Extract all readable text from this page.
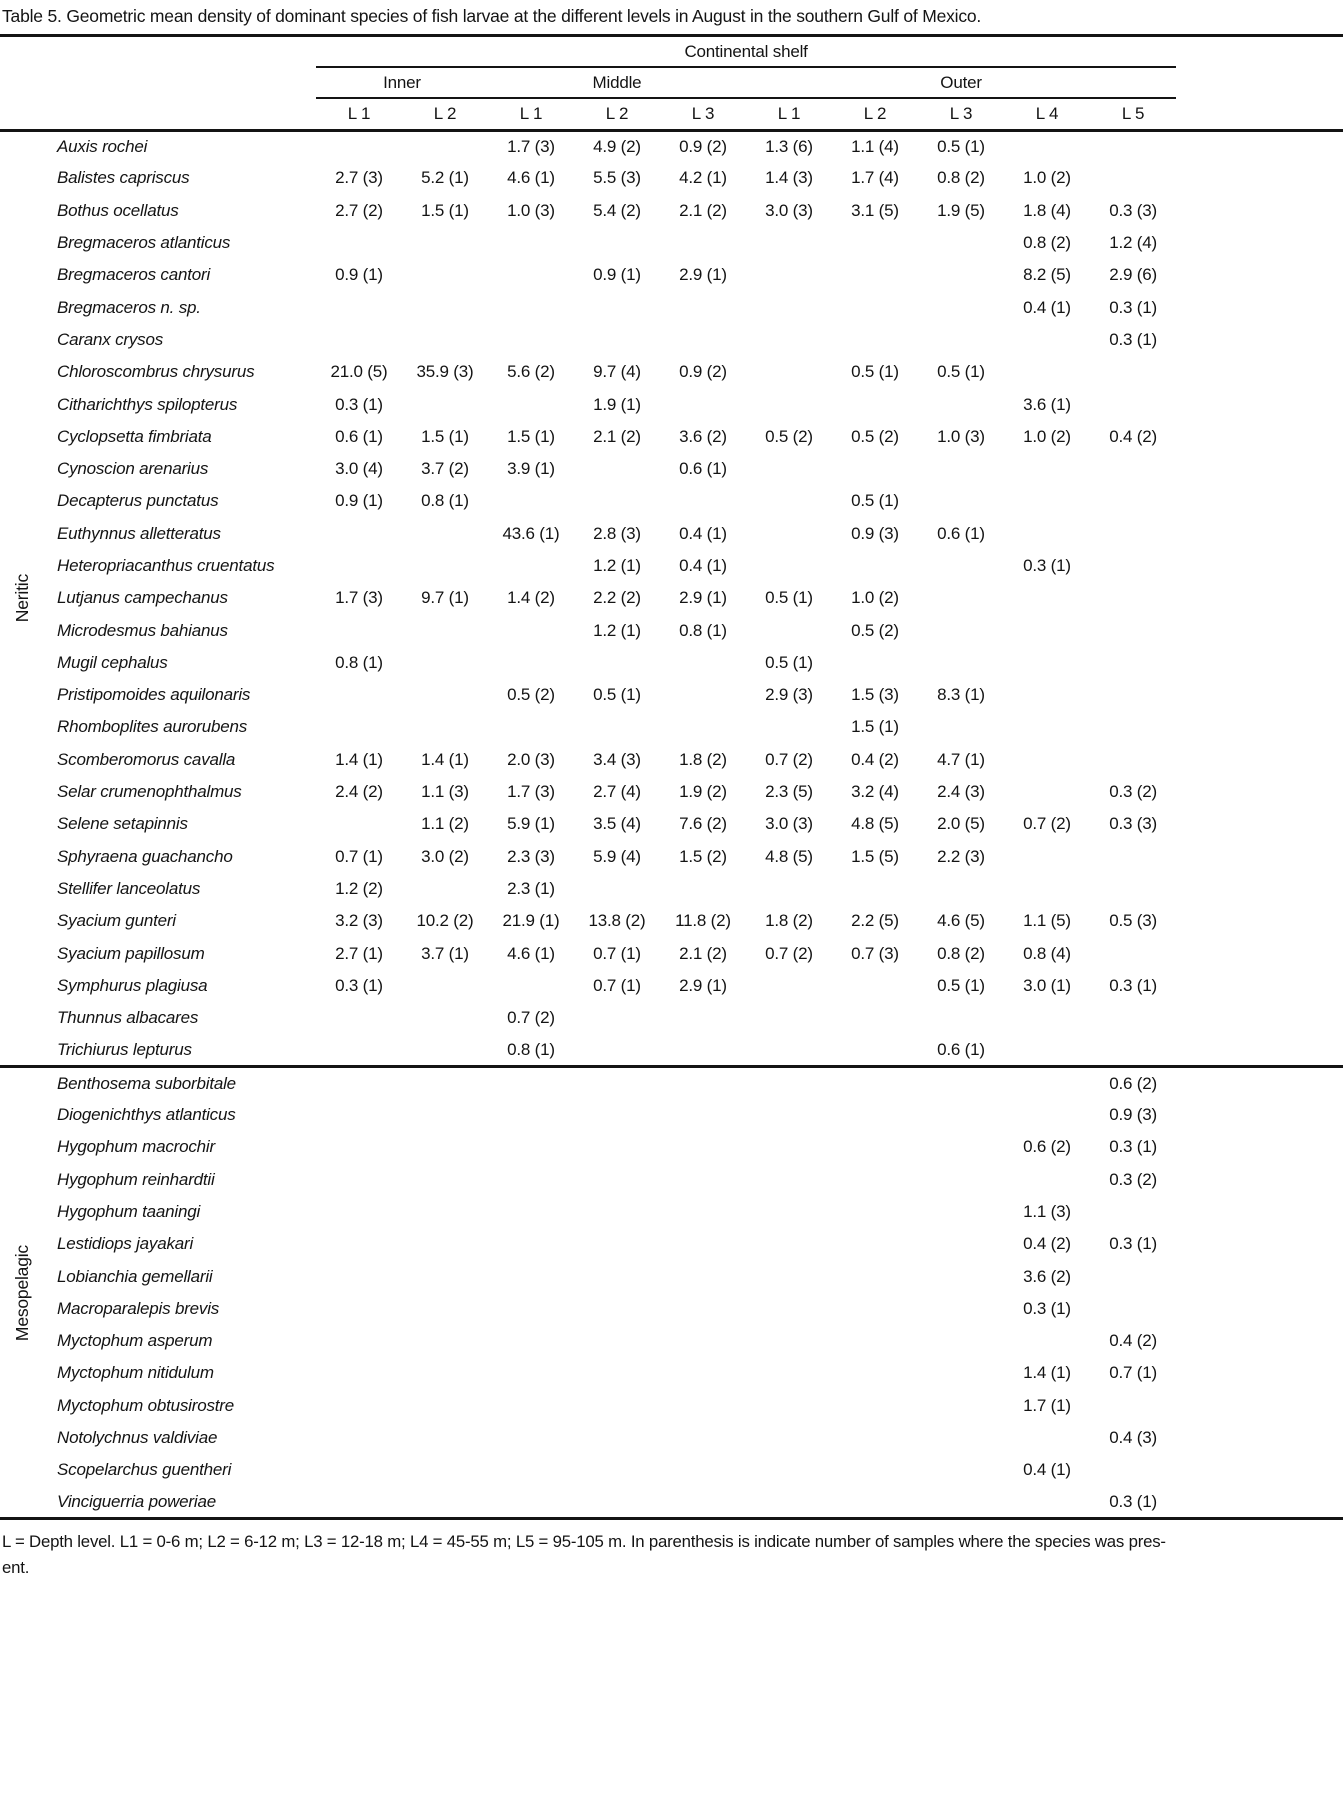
Table 5. Geometric mean density of dominant species of fish larvae at the different levels in August in the southern Gulf of Mexico.
		Continental shelf										
		Inner		Middle			Outer					
		L 1	L 2	L 1	L 2	L 3	L 1	L 2	L 3	L 4	L 5	

Neritic	Auxis rochei			1.7 (3)	4.9 (2)	0.9 (2)	1.3 (6)	1.1 (4)	0.5 (1)			
	Balistes capriscus	2.7 (3)	5.2 (1)	4.6 (1)	5.5 (3)	4.2 (1)	1.4 (3)	1.7 (4)	0.8 (2)	1.0 (2)		
	Bothus ocellatus	2.7 (2)	1.5 (1)	1.0 (3)	5.4 (2)	2.1 (2)	3.0 (3)	3.1 (5)	1.9 (5)	1.8 (4)	0.3 (3)	
	Bregmaceros atlanticus									0.8 (2)	1.2 (4)	
	Bregmaceros cantori	0.9 (1)			0.9 (1)	2.9 (1)				8.2 (5)	2.9 (6)	
	Bregmaceros n. sp.									0.4 (1)	0.3 (1)	
	Caranx crysos										0.3 (1)	
	Chloroscombrus chrysurus	21.0 (5)	35.9 (3)	5.6 (2)	9.7 (4)	0.9 (2)		0.5 (1)	0.5 (1)			
	Citharichthys spilopterus	0.3 (1)			1.9 (1)					3.6 (1)		
	Cyclopsetta fimbriata	0.6 (1)	1.5 (1)	1.5 (1)	2.1 (2)	3.6 (2)	0.5 (2)	0.5 (2)	1.0 (3)	1.0 (2)	0.4 (2)	
	Cynoscion arenarius	3.0 (4)	3.7 (2)	3.9 (1)		0.6 (1)						
	Decapterus punctatus	0.9 (1)	0.8 (1)					0.5 (1)				
	Euthynnus alletteratus			43.6 (1)	2.8 (3)	0.4 (1)		0.9 (3)	0.6 (1)			
	Heteropriacanthus cruentatus				1.2 (1)	0.4 (1)				0.3 (1)		
	Lutjanus campechanus	1.7 (3)	9.7 (1)	1.4 (2)	2.2 (2)	2.9 (1)	0.5 (1)	1.0 (2)				
	Microdesmus bahianus				1.2 (1)	0.8 (1)		0.5 (2)				
	Mugil cephalus	0.8 (1)					0.5 (1)					
	Pristipomoides aquilonaris			0.5 (2)	0.5 (1)		2.9 (3)	1.5 (3)	8.3 (1)			
	Rhomboplites aurorubens							1.5 (1)				
	Scomberomorus cavalla	1.4 (1)	1.4 (1)	2.0 (3)	3.4 (3)	1.8 (2)	0.7 (2)	0.4 (2)	4.7 (1)			
	Selar crumenophthalmus	2.4 (2)	1.1 (3)	1.7 (3)	2.7 (4)	1.9 (2)	2.3 (5)	3.2 (4)	2.4 (3)		0.3 (2)	
	Selene setapinnis		1.1 (2)	5.9 (1)	3.5 (4)	7.6 (2)	3.0 (3)	4.8 (5)	2.0 (5)	0.7 (2)	0.3 (3)	
	Sphyraena guachancho	0.7 (1)	3.0 (2)	2.3 (3)	5.9 (4)	1.5 (2)	4.8 (5)	1.5 (5)	2.2 (3)			
	Stellifer lanceolatus	1.2 (2)		2.3 (1)								
	Syacium gunteri	3.2 (3)	10.2 (2)	21.9 (1)	13.8 (2)	11.8 (2)	1.8 (2)	2.2 (5)	4.6 (5)	1.1 (5)	0.5 (3)	
	Syacium papillosum	2.7 (1)	3.7 (1)	4.6 (1)	0.7 (1)	2.1 (2)	0.7 (2)	0.7 (3)	0.8 (2)	0.8 (4)		
	Symphurus plagiusa	0.3 (1)			0.7 (1)	2.9 (1)			0.5 (1)	3.0 (1)	0.3 (1)	
	Thunnus albacares			0.7 (2)								
	Trichiurus lepturus			0.8 (1)					0.6 (1)			

Mesopelagic	Benthosema suborbitale										0.6 (2)	
	Diogenichthys atlanticus										0.9 (3)	
	Hygophum macrochir									0.6 (2)	0.3 (1)	
	Hygophum reinhardtii										0.3 (2)	
	Hygophum taaningi									1.1 (3)		
	Lestidiops jayakari									0.4 (2)	0.3 (1)	
	Lobianchia gemellarii									3.6 (2)		
	Macroparalepis brevis									0.3 (1)		
	Myctophum asperum										0.4 (2)	
	Myctophum nitidulum									1.4 (1)	0.7 (1)	
	Myctophum obtusirostre									1.7 (1)		
	Notolychnus valdiviae										0.4 (3)	
	Scopelarchus guentheri									0.4 (1)		
	Vinciguerria poweriae										0.3 (1)	
L = Depth level. L1 = 0-6 m; L2 = 6-12 m; L3 = 12-18 m; L4 = 45-55 m; L5 = 95-105 m. In parenthesis is indicate number of samples where the species was pres-
ent.
